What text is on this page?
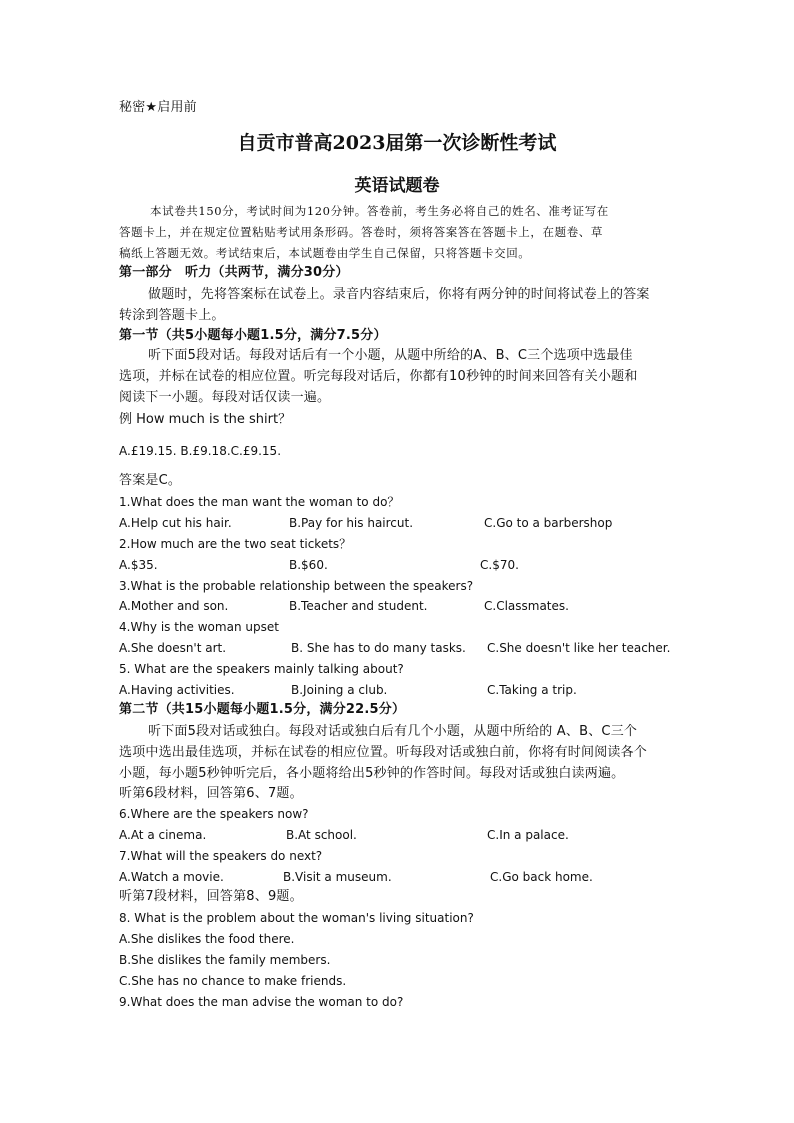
秘密★启用前
自贡市普高2023届第一次诊断性考试
英语试题卷
本试卷共150分，考试时间为120分钟。答卷前，考生务必将自己的姓名、准考证写在
答题卡上，并在规定位置粘贴考试用条形码。答卷时，须将答案答在答题卡上，在题卷、草
稿纸上答题无效。考试结束后，本试题卷由学生自己保留，只将答题卡交回。
第一部分　听力（共两节，满分30分）
做题时，先将答案标在试卷上。录音内容结束后，你将有两分钟的时间将试卷上的答案
转涂到答题卡上。
第一节（共5小题每小题1.5分，满分7.5分）
听下面5段对话。每段对话后有一个小题，从题中所给的A、B、C三个选项中选最佳
选项，并标在试卷的相应位置。听完每段对话后，你都有10秒钟的时间来回答有关小题和
阅读下一小题。每段对话仅读一遍。
例 How much is the shirt？
A.£19.15. B.£9.18.C.£9.15.
答案是C。
1.What does the man want the woman to do？
A.Help cut his hair.	B.Pay for his haircut.	C.Go to a barbershop
2.How much are the two seat tickets？
A.$35.	B.$60.	C.$70.
3.What is the probable relationship between the speakers?
A.Mother and son.	B.Teacher and student.	C.Classmates.
4.Why is the woman upset
A.She doesn't art.	B. She has to do many tasks. C.She doesn't like her teacher.
5. What are the speakers mainly talking about?
A.Having activities.	B.Joining a club.	C.Taking a trip.
第二节（共15小题每小题1.5分，满分22.5分）
听下面5段对话或独白。每段对话或独白后有几个小题，从题中所给的 A、B、C三个
选项中选出最佳选项，并标在试卷的相应位置。听每段对话或独白前，你将有时间阅读各个
小题，每小题5秒钟听完后，各小题将给出5秒钟的作答时间。每段对话或独白读两遍。
听第6段材料，回答第6、7题。
6.Where are the speakers now?
A.At a cinema.	B.At school.	C.In a palace.
7.What will the speakers do next?
A.Watch a movie.	B.Visit a museum.	C.Go back home.
听第7段材料，回答第8、9题。
8. What is the problem about the woman's living situation?
A.She dislikes the food there.
B.She dislikes the family members.
C.She has no chance to make friends.
9.What does the man advise the woman to do?
